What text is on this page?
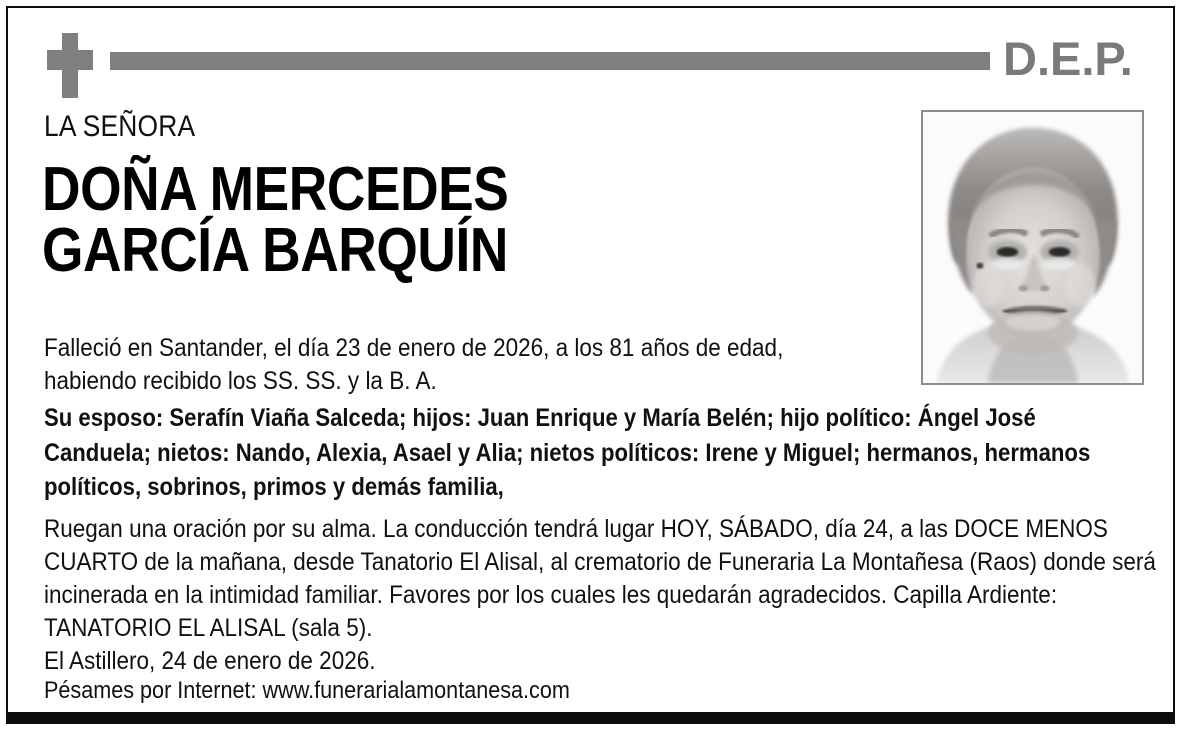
D.E.P.
LA SEÑORA
DOÑA MERCEDES
GARCÍA BARQUÍN
Falleció en Santander, el día 23 de enero de 2026, a los 81 años de edad, habiendo recibido los SS. SS. y la B. A.
Su esposo: Serafín Viaña Salceda; hijos: Juan Enrique y María Belén; hijo político: Ángel José Canduela; nietos: Nando, Alexia, Asael y Alia; nietos políticos: Irene y Miguel; hermanos, hermanos políticos, sobrinos, primos y demás familia,
Ruegan una oración por su alma. La conducción tendrá lugar HOY, SÁBADO, día 24, a las DOCE MENOS CUARTO de la mañana, desde Tanatorio El Alisal, al crematorio de Funeraria La Montañesa (Raos) donde será incinerada en la intimidad familiar. Favores por los cuales les quedarán agradecidos. Capilla Ardiente: TANATORIO EL ALISAL (sala 5).
El Astillero, 24 de enero de 2026.
Pésames por Internet: www.funerarialamontanesa.com
